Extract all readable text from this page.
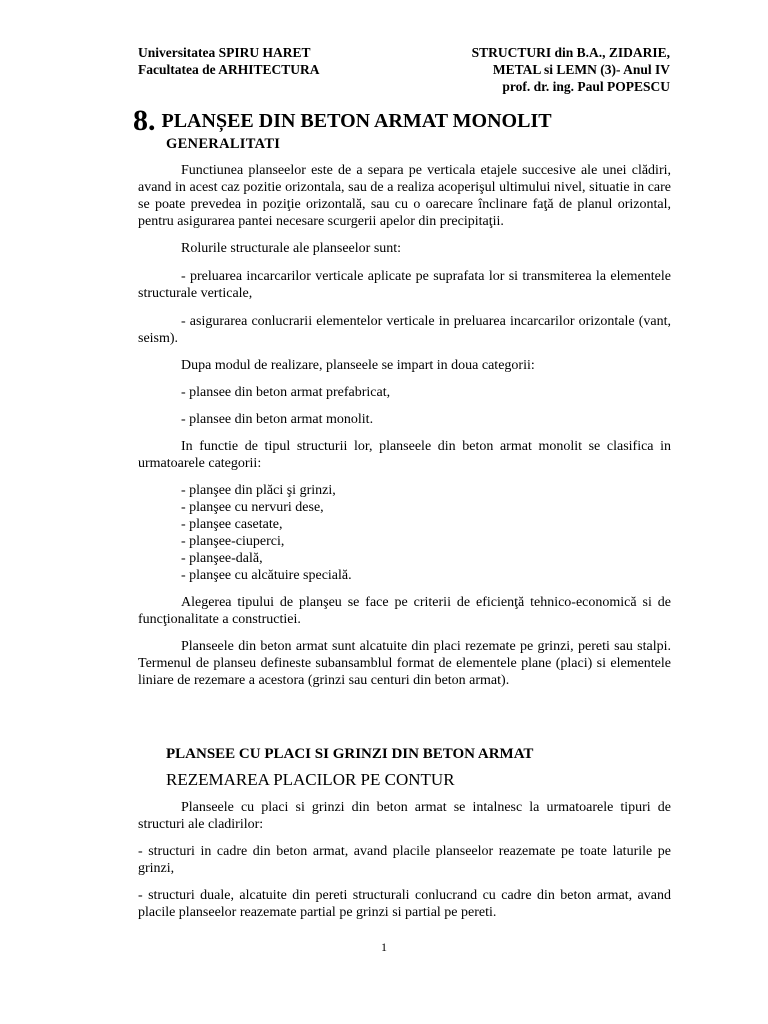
Universitatea SPIRU HARET
Facultatea de ARHITECTURA
STRUCTURI din B.A., ZIDARIE,
METAL si LEMN (3)- Anul IV
prof. dr. ing. Paul POPESCU
8. PLANȘEE DIN BETON ARMAT MONOLIT
GENERALITATI

Functiunea planseelor este de a separa pe verticala etajele succesive ale unei clădiri, avand in acest caz pozitie orizontala, sau de a realiza acoperişul ultimului nivel, situatie in care se poate prevedea in poziţie orizontală, sau cu o oarecare înclinare faţă de planul orizontal, pentru asigurarea pantei necesare scurgerii apelor din precipitaţii.

Rolurile structurale ale planseelor sunt:

- preluarea incarcarilor verticale aplicate pe suprafata lor si transmiterea la elementele structurale verticale,

- asigurarea conlucrarii elementelor verticale in preluarea incarcarilor orizontale (vant, seism).

Dupa modul de realizare, planseele se impart in doua categorii:

- plansee din beton armat prefabricat,

- plansee din beton armat monolit.

In functie de tipul structurii lor, planseele din beton armat monolit se clasifica in urmatoarele categorii:

- planşee din plăci şi grinzi,

- planşee cu nervuri dese,

- planşee casetate,

- planşee-ciuperci,

- planşee-dală,

- planşee cu alcătuire specială.

Alegerea tipului de planşeu se face pe criterii de eficienţă tehnico-economică si de funcţionalitate a constructiei.

Planseele din beton armat sunt alcatuite din placi rezemate pe grinzi, pereti sau stalpi. Termenul de planseu defineste subansamblul format de elementele plane (placi) si elementele liniare de rezemare a acestora (grinzi sau centuri din beton armat).

PLANSEE CU PLACI SI GRINZI DIN BETON ARMAT
REZEMAREA PLACILOR PE CONTUR

Planseele cu placi si grinzi din beton armat se intalnesc la urmatoarele tipuri de structuri ale cladirilor:

- structuri in cadre din beton armat, avand placile planseelor reazemate pe toate laturile pe grinzi,

- structuri duale, alcatuite din pereti structurali conlucrand cu cadre din beton armat, avand placile planseelor reazemate partial pe grinzi si partial pe pereti.

1
